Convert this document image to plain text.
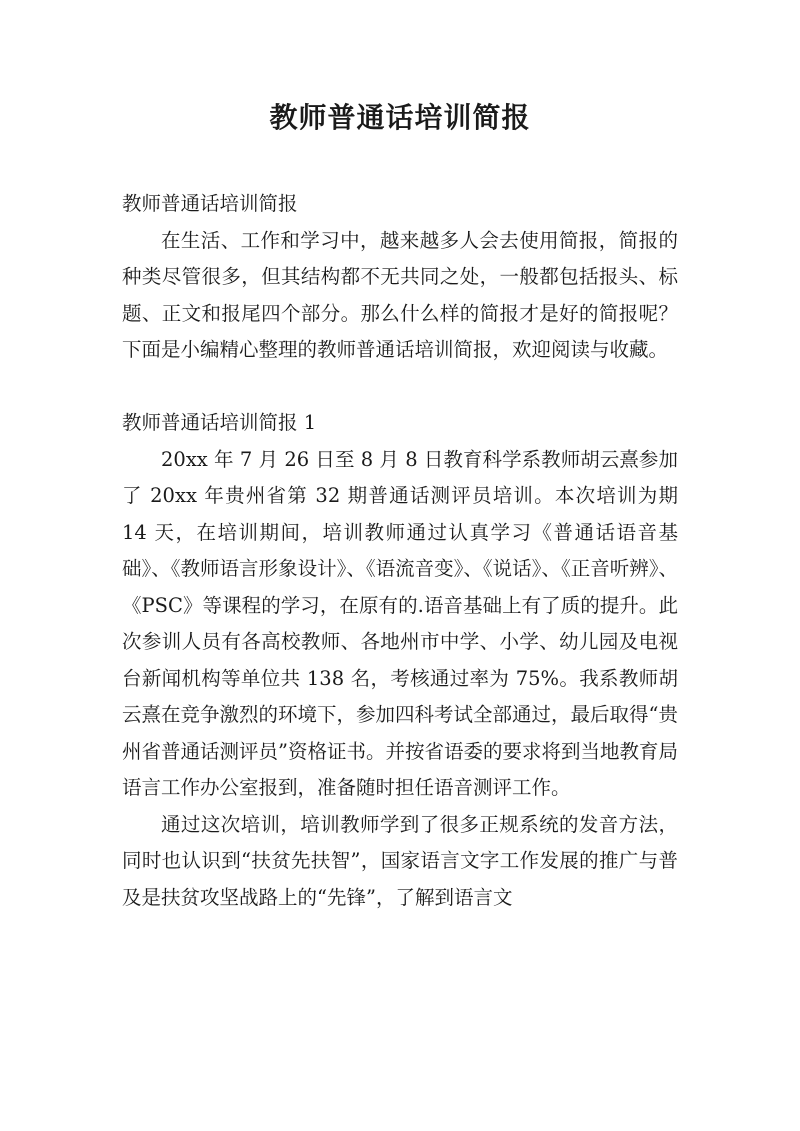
教师普通话培训简报

教师普通话培训简报

在生活、工作和学习中，越来越多人会去使用简报，简报的种类尽管很多，但其结构都不无共同之处，一般都包括报头、标题、正文和报尾四个部分。那么什么样的简报才是好的简报呢？下面是小编精心整理的教师普通话培训简报，欢迎阅读与收藏。

教师普通话培训简报 1

20xx 年 7 月 26 日至 8 月 8 日教育科学系教师胡云熹参加了 20xx 年贵州省第 32 期普通话测评员培训。本次培训为期 14 天，在培训期间，培训教师通过认真学习《普通话语音基础》、《教师语言形象设计》、《语流音变》、《说话》、《正音听辨》、《PSC》等课程的学习，在原有的.语音基础上有了质的提升。此次参训人员有各高校教师、各地州市中学、小学、幼儿园及电视台新闻机构等单位共 138 名，考核通过率为 75%。我系教师胡云熹在竞争激烈的环境下，参加四科考试全部通过，最后取得“贵州省普通话测评员”资格证书。并按省语委的要求将到当地教育局语言工作办公室报到，准备随时担任语音测评工作。

通过这次培训，培训教师学到了很多正规系统的发音方法，同时也认识到“扶贫先扶智”，国家语言文字工作发展的推广与普及是扶贫攻坚战路上的“先锋”，了解到语言文
